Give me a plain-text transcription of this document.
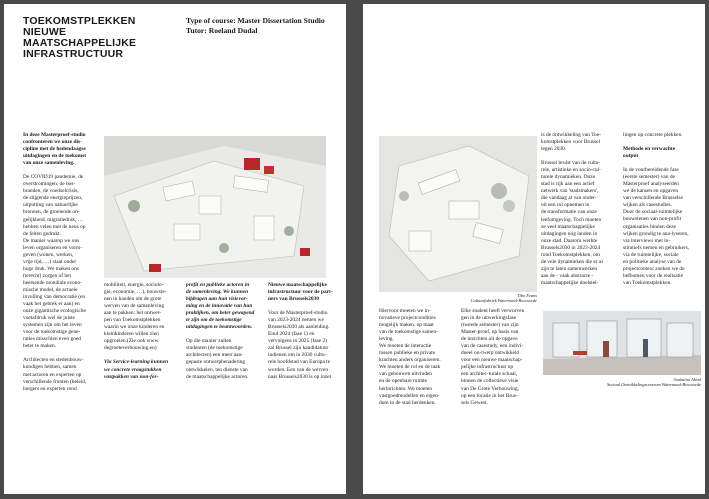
TOEKOMSTPLEKKEN
NIEUWE
MAATSCHAPPELIJKE
INFRASTRUCTUUR
Type of course: Master Dissertation Studio
Tutor: Roeland Dudal
In deze Masterproef-studio
confronteren we onze dis-
cipline met de hedendaagse
uitdagingen en de toekomst
van onze samenleving.
De COVID19 pandemie, de
overstromingen, de bos-
branden, de voedselcrisis,
de stijgende energieprijzen,
uitputting van natuurlijke
bronnen, de groeiende on-
gelijkheid, migratiedruk, …
hebben velen met de neus op
de feiten gedrukt.
De manier waarop we ons
leven organiseren en vorm-
geven (wonen, werken,
vrije tijd, …) staat onder
hoge druk. We maken ons
(terecht) zorgen of het
heersende mondiale econo-
mische model, de actuele
invulling van democratie (en
vaak het gebrek er aan) en
onze gigantische ecologische
voetafdruk wel de juiste
systemen zijn om het leven
voor de toekomstige gene-
raties misschien even goed
beter te maken.
Architecten en stedenbouw-
kundigen hebben, samen
met actoren en experten op
verschillende fronten (beleid,
burgers en experten rond
mobiliteit, energie, sociolo-
gie, economie, …), bouwste-
nen in handen om de grote
werven van de samenleving
aan te pakken: het ontwer-
pen van Toekomstplekken
waarin we onze kinderen en
kleinkinderen willen zien
opgroeien.(Zie ook www.
degroeteverbouwing.eu)
Via Service-learning kunnen
we concrete vraagstukken
vastpakken van non-for-
profit en publieke actoren in
de samenleving. We kunnen
bijdragen aan hun visievor-
ming en de innovatie van hun
praktijken, om beter gewapend
te zijn om de toekomstige
uitdagingen te beantwoorden.
Op die manier zullen
studenten (de toekomstige
architecten) een meer aan-
gepaste ontwerpbenadering
ontwikkelen, ten dienste van
de maatschappelijke actoren.
Nieuwe maatschappelijke
infrastructuur voor de part-
ners van Brussels2030
Voor de Masterproef-studio
van 2023-2024 nemen we
Brussels2030 als aanleiding.
Eind 2024 (fase 1) en
vervolgens in 2025 (fase 2)
zal Brussel zijn kandidatuur
indienen om in 2030 cultu-
rele hoofdstad van Europa te
worden. Een van de werven
naar Brussels2030 is op inzet
Tibo Evans
Cultuurfabriek Watermaal-Bosvoorde
Hiervoor moeten we in-
novatieve projectcondities
mogelijk maken, op maat
van de toekomstige samen-
leving.
We moeten de interactie
tussen publieke en private
krachten anders organiseren.
We moeten de rol en de taak
van gebouwen uitvinden
en de openbare ruimte
herinrichten. We moeten
vastgoedmodellen en eigen-
dom in de stad herdenken.
is de ontwikkeling van Toe-
komstplekken voor Brussel
tegen 2030.
Brussel bruist van de cultu-
rele, artistieke en socio-cul-
turele dynamieken. Onze
stad is rijk aan een actief
netwerk van 'stadsmakers',
die vandaag al van onder-
uit een rol opnemen in
de transformatie van onze
leefomgeving. Toch moeten
ze veel maatschappelijke
uitdagingen nog landen in
onze stad. Daarom werkte
Brussels2030 in 2023-2024
rond Toekomstplekken, om
de vele dynamieken die er al
zijn te laten samenwerken
aan de - vaak abstracte -
maatschappelijke doelstel-
Elke student heeft verworven
gen in de uitwerkingsfase
(tweede semester) van zijn
Master-proef, op basis van
de inzichten uit de opgave
van de casestudy, een indivi-
dueel on-twerp ontwikkeld
voor een nieuwe maatschap-
pelijke infrastructuur op
een architec-turale schaal,
binnen de collectieve visie
van De Grote Verbouwing,
op een locatie in het Brus-
sels Gewest.
lingen op concrete plekken.
Methode en verwachte
output
In de voorbereidende fase
(eerste semester) van de
Masterproef analyseerden
we de kansen en opgaven
van verschillende Brusselse
wijken als casestudies.
Door de sociaal-ruimtelijke
bouwstenen van non-profit
organisaties binnen deze
wijken grondig te ana-lyseren,
via interviews met in-
stitutiefs nemen en gebruikers,
via de ruimtelijke, sociale
en politieke analyse van de
projectcontext zoeken we de
hefbomen voor de realisatie
van Toekomstplekken.
Soukaina Ahrid
Sociaal Ontwikkelingscentrum Watermaal-Bosvoorde
